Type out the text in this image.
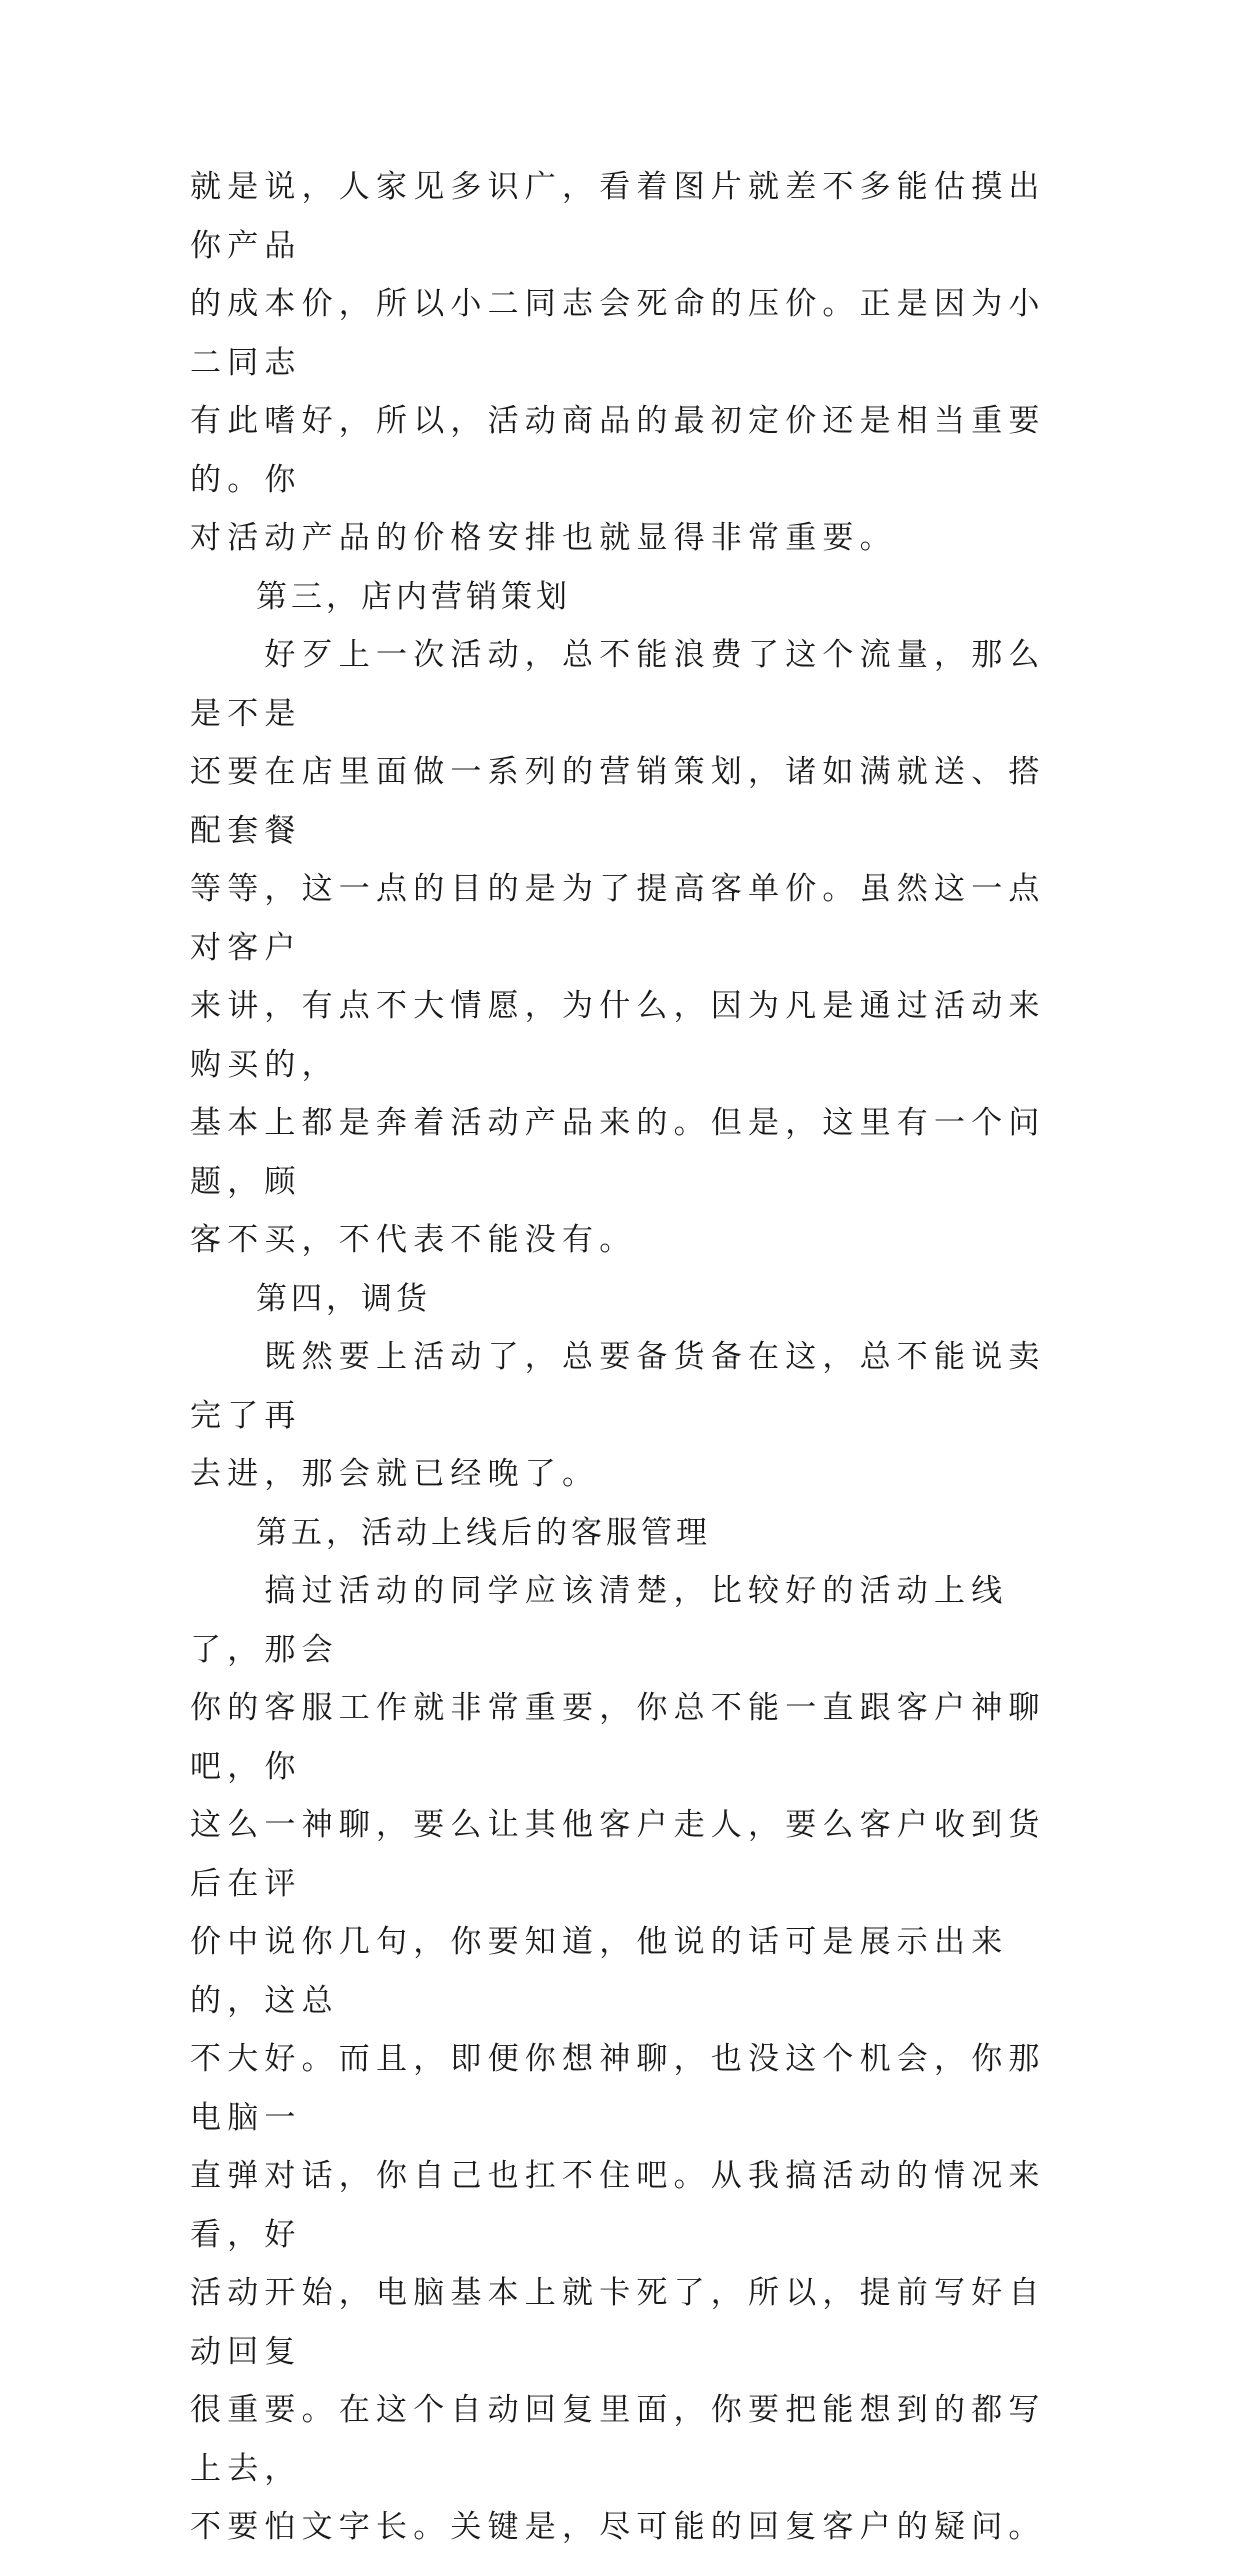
就是说，人家见多识广，看着图片就差不多能估摸出你产品
的成本价，所以小二同志会死命的压价。正是因为小二同志
有此嗜好，所以，活动商品的最初定价还是相当重要的。你
对活动产品的价格安排也就显得非常重要。
第三，店内营销策划
　　好歹上一次活动，总不能浪费了这个流量，那么是不是
还要在店里面做一系列的营销策划，诸如满就送、搭配套餐
等等，这一点的目的是为了提高客单价。虽然这一点对客户
来讲，有点不大情愿，为什么，因为凡是通过活动来购买的，
基本上都是奔着活动产品来的。但是，这里有一个问题，顾
客不买，不代表不能没有。
第四，调货
　　既然要上活动了，总要备货备在这，总不能说卖完了再
去进，那会就已经晚了。
第五，活动上线后的客服管理
　　搞过活动的同学应该清楚，比较好的活动上线了，那会
你的客服工作就非常重要，你总不能一直跟客户神聊吧，你
这么一神聊，要么让其他客户走人，要么客户收到货后在评
价中说你几句，你要知道，他说的话可是展示出来的，这总
不大好。而且，即便你想神聊，也没这个机会，你那电脑一
直弹对话，你自己也扛不住吧。从我搞活动的情况来看，好
活动开始，电脑基本上就卡死了，所以，提前写好自动回复
很重要。在这个自动回复里面，你要把能想到的都写上去，
不要怕文字长。关键是，尽可能的回复客户的疑问。
